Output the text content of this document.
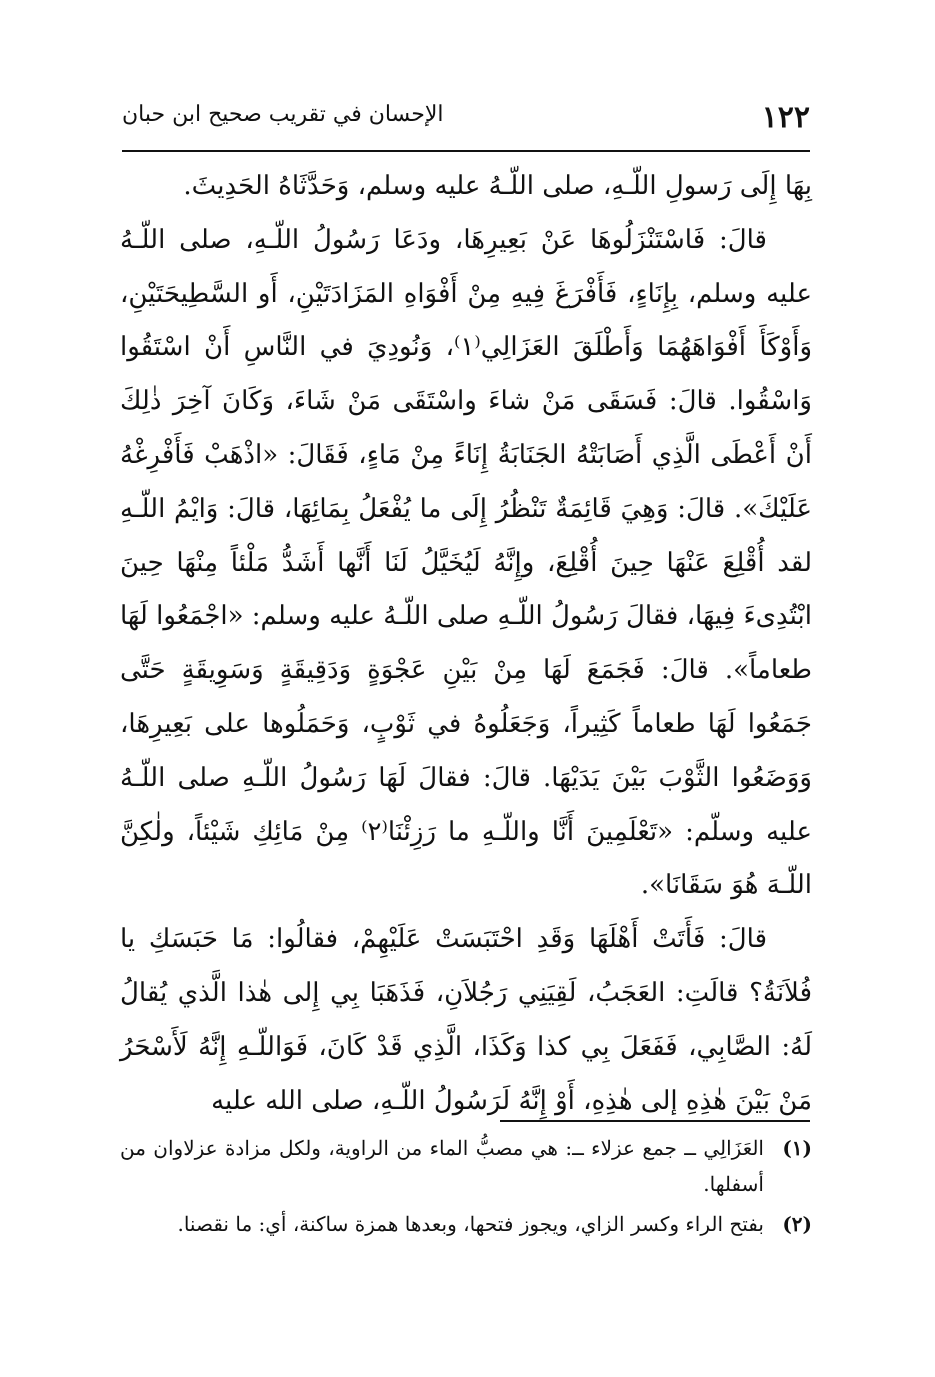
١٢٢
الإحسان في تقريب صحيح ابن حبان

بِهَا إِلَى رَسولِ اللّـهِ، صلى اللّـهُ عليه وسلم، وَحَدَّثَاهُ الحَدِيثَ.

قالَ: فَاسْتَنْزَلُوهَا عَنْ بَعِيرِهَا، ودَعَا رَسُولُ اللّـهِ، صلى اللّـهُ عليه وسلم، بِإِنَاءٍ، فَأَفْرَغَ فِيهِ مِنْ أَفْوَاهِ المَزَادَتَيْنِ، أَو السَّطِيحَتَيْنِ، وَأَوْكَأَ أَفْوَاهَهُمَا وَأَطْلَقَ العَزَالِي⁽١⁾، وَنُودِيَ في النَّاسِ أَنْ اسْتَقُوا وَاسْقُوا. قالَ: فَسَقَى مَنْ شاءَ واسْتَقَى مَنْ شَاءَ، وَكَانَ آخِرَ ذٰلِكَ أَنْ أَعْطَى الَّذِي أَصَابَتْهُ الجَنَابَةُ إِنَاءً مِنْ مَاءٍ، فَقَالَ: «اذْهَبْ فَأَفْرِغْهُ عَلَيْكَ». قالَ: وَهِيَ قَائِمَةٌ تَنْظُرُ إِلَى ما يُفْعَلُ بِمَائِهَا، قالَ: وَايْمُ اللّـهِ لقد أُقْلِعَ عَنْهَا حِينَ أُقْلِعَ، وإِنَّهُ لَيُخَيَّلُ لَنَا أَنَّها أَشَدُّ مَلْئاً مِنْهَا حِينَ ابْتُدِىءَ فِيهَا، فقالَ رَسُولُ اللّـهِ صلى اللّـهُ عليه وسلم: «اجْمَعُوا لَهَا طعاماً». قالَ: فَجَمَعَ لَهَا مِنْ بَيْنِ عَجْوَةٍ وَدَقِيقَةٍ وَسَوِيقَةٍ حَتَّى جَمَعُوا لَهَا طعاماً كَثِيراً، وَجَعَلُوهُ في ثَوْبٍ، وَحَمَلُوها على بَعِيرِهَا، وَوَضَعُوا الثَّوْبَ بَيْنَ يَدَيْهَا. قالَ: فقالَ لَهَا رَسُولُ اللّـهِ صلى اللّـهُ عليه وسلّم: «تَعْلَمِينَ أَنَّا واللّـهِ ما رَزِئْنَا⁽٢⁾ مِنْ مَائِكِ شَيْئاً، ولٰكِنَّ اللّـهَ هُوَ سَقَانَا».

قالَ: فَأَتَتْ أَهْلَهَا وَقَدِ احْتَبَسَتْ عَلَيْهِمْ، فقالُوا: مَا حَبَسَكِ يا فُلاَنَةُ؟ قالَتِ: العَجَبُ، لَقِيَنِي رَجُلاَنِ، فَذَهَبَا بِي إِلى هٰذا الَّذي يُقالُ لَهُ: الصَّابِي، فَفَعَلَ بِي كذا وَكَذَا، الَّذِي قَدْ كَانَ، فَوَاللّـهِ إِنَّهُ لَأَسْحَرُ مَنْ بَيْنَ هٰذِهِ إلى هٰذِهِ، أَوْ إِنَّهُ لَرَسُولُ اللّـهِ، صلى الله عليه

(١)
العَزَالِي ــ جمع عزلاء ــ: هي مصبُّ الماء من الراوية، ولكل مزادة عزلاوان من أسفلها.
(٢)
بفتح الراء وكسر الزاي، ويجوز فتحها، وبعدها همزة ساكنة، أي: ما نقصنا.
